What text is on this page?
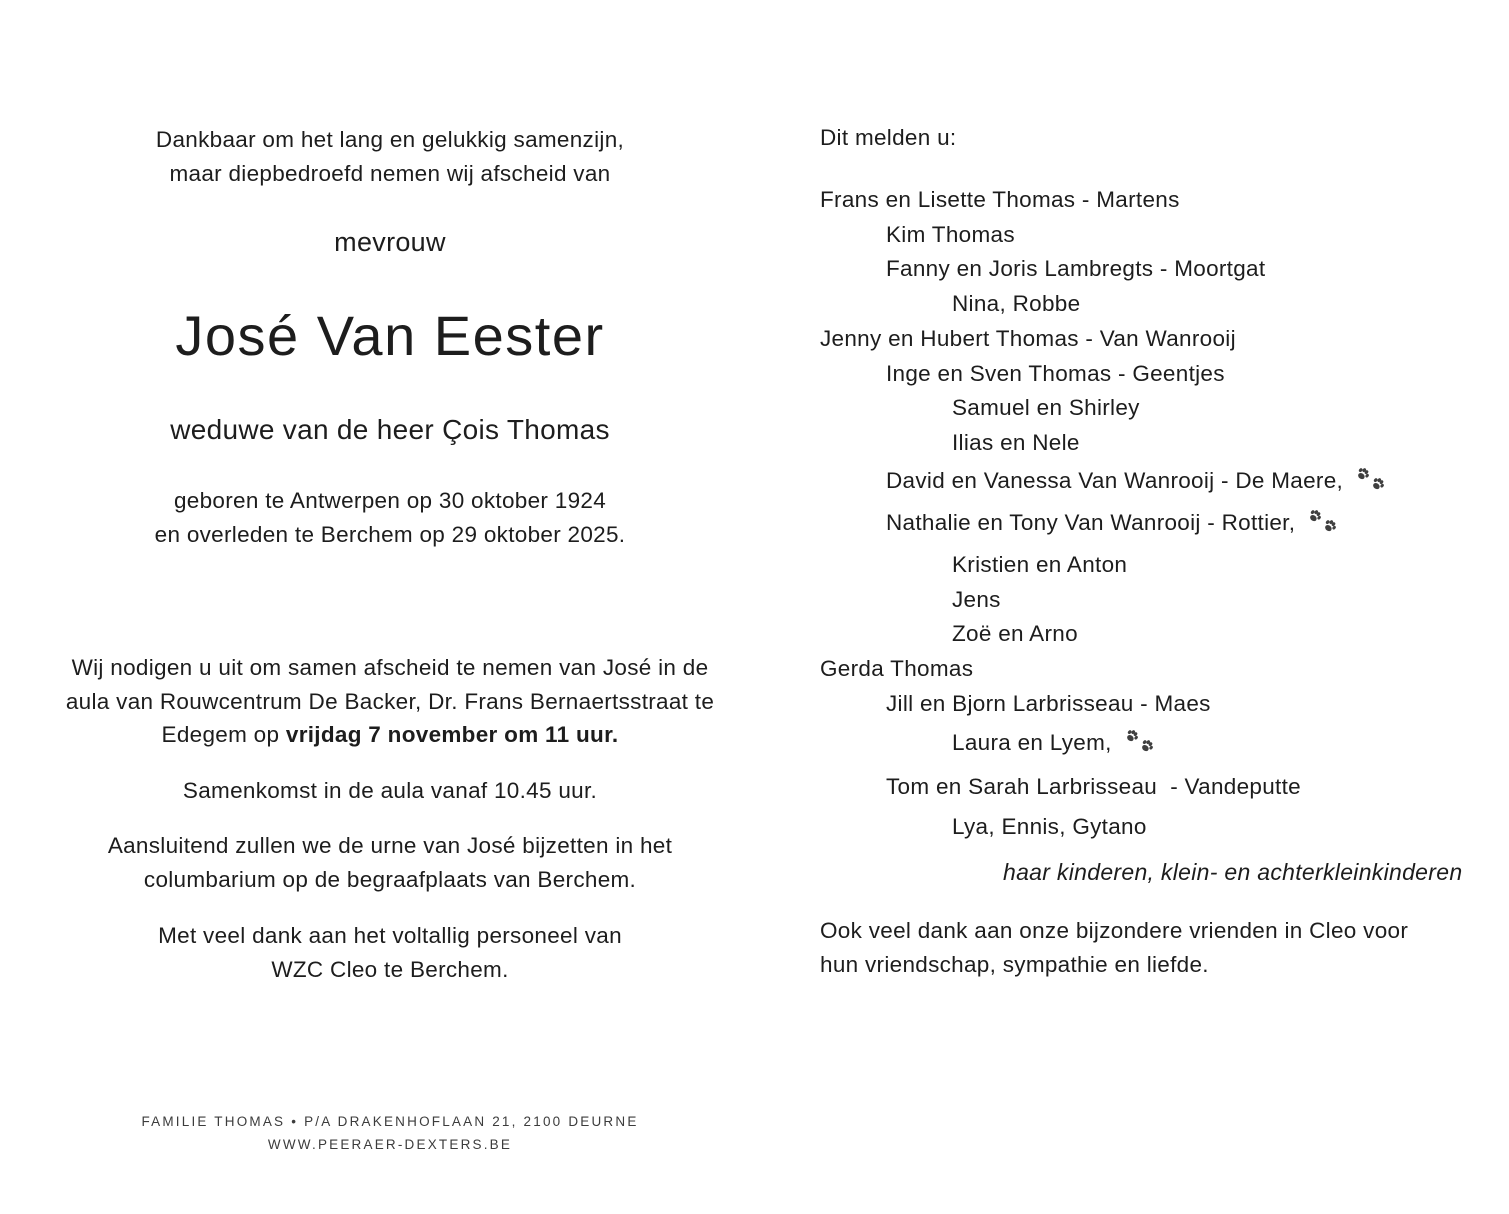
Dankbaar om het lang en gelukkig samenzijn,
maar diepbedroefd nemen wij afscheid van

mevrouw

José Van Eester

weduwe van de heer Çois Thomas

geboren te Antwerpen op 30 oktober 1924
en overleden te Berchem op 29 oktober 2025.

Wij nodigen u uit om samen afscheid te nemen van José in de
aula van Rouwcentrum De Backer, Dr. Frans Bernaertsstraat te
Edegem op vrijdag 7 november om 11 uur.

Samenkomst in de aula vanaf 10.45 uur.

Aansluitend zullen we de urne van José bijzetten in het
columbarium op de begraafplaats van Berchem.

Met veel dank aan het voltallig personeel van
WZC Cleo te Berchem.

FAMILIE THOMAS • P/A DRAKENHOFLAAN 21, 2100 DEURNE
WWW.PEERAER-DEXTERS.BE

Dit melden u:

Frans en Lisette Thomas - Martens
Kim Thomas
Fanny en Joris Lambregts - Moortgat
Nina, Robbe
Jenny en Hubert Thomas - Van Wanrooij
Inge en Sven Thomas - Geentjes
Samuel en Shirley
Ilias en Nele
David en Vanessa Van Wanrooij - De Maere,
Nathalie en Tony Van Wanrooij - Rottier,
Kristien en Anton
Jens
Zoë en Arno
Gerda Thomas
Jill en Bjorn Larbrisseau - Maes
Laura en Lyem,
Tom en Sarah Larbrisseau  - Vandeputte
Lya, Ennis, Gytano

haar kinderen, klein- en achterkleinkinderen

Ook veel dank aan onze bijzondere vrienden in Cleo voor
hun vriendschap, sympathie en liefde.
